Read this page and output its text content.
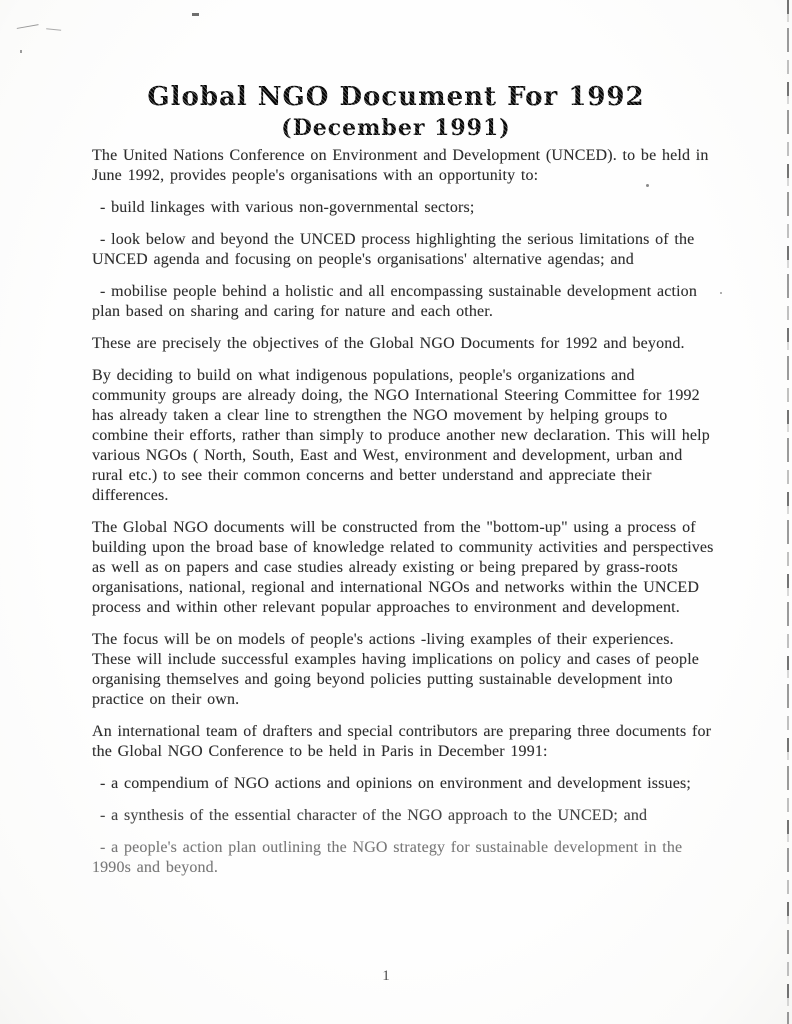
Global NGO Document For 1992
(December 1991)
The United Nations Conference on Environment and Development (UNCED). to be held in June 1992, provides people's organisations with an opportunity to:
- build linkages with various non-governmental sectors;
- look below and beyond the UNCED process highlighting the serious limitations of the UNCED agenda and focusing on people's organisations' alternative agendas; and
- mobilise people behind a holistic and all encompassing sustainable development action plan based on sharing and caring for nature and each other.
These are precisely the objectives of the Global NGO Documents for 1992 and beyond.
By deciding to build on what indigenous populations, people's organizations and community groups are already doing, the NGO International Steering Committee for 1992 has already taken a clear line to strengthen the NGO movement by helping groups to combine their efforts, rather than simply to produce another new declaration. This will help various NGOs ( North, South, East and West, environment and development, urban and rural etc.) to see their common concerns and better understand and appreciate their differences.
The Global NGO documents will be constructed from the "bottom-up" using a process of building upon the broad base of knowledge related to community activities and perspectives as well as on papers and case studies already existing or being prepared by grass-roots organisations, national, regional and international NGOs and networks within the UNCED process and within other relevant popular approaches to environment and development.
The focus will be on models of people's actions -living examples of their experiences. These will include successful examples having implications on policy and cases of people organising themselves and going beyond policies putting sustainable development into practice on their own.
An international team of drafters and special contributors are preparing three documents for the Global NGO Conference to be held in Paris in December 1991:
- a compendium of NGO actions and opinions on environment and development issues;
- a synthesis of the essential character of the NGO approach to the UNCED; and
- a people's action plan outlining the NGO strategy for sustainable development in the 1990s and beyond.
1
